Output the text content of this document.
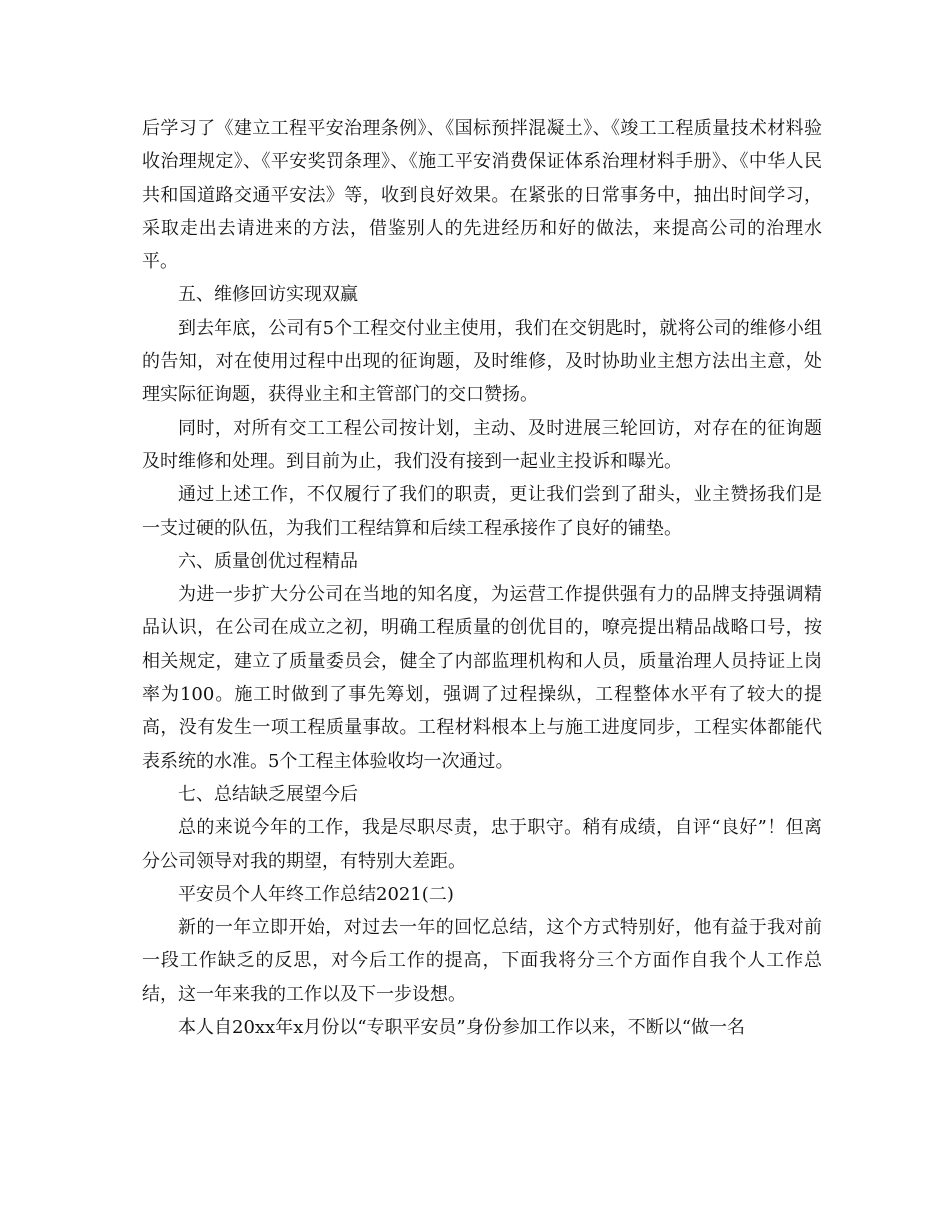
后学习了《建立工程平安治理条例》、《国标预拌混凝土》、《竣工工程质量技术材料验收治理规定》、《平安奖罚条理》、《施工平安消费保证体系治理材料手册》、《中华人民共和国道路交通平安法》等，收到良好效果。在紧张的日常事务中，抽出时间学习，采取走出去请进来的方法，借鉴别人的先进经历和好的做法，来提高公司的治理水平。

五、维修回访实现双赢

到去年底，公司有5个工程交付业主使用，我们在交钥匙时，就将公司的维修小组的告知，对在使用过程中出现的征询题，及时维修，及时协助业主想方法出主意，处理实际征询题，获得业主和主管部门的交口赞扬。

同时，对所有交工工程公司按计划，主动、及时进展三轮回访，对存在的征询题及时维修和处理。到目前为止，我们没有接到一起业主投诉和曝光。

通过上述工作，不仅履行了我们的职责，更让我们尝到了甜头，业主赞扬我们是一支过硬的队伍，为我们工程结算和后续工程承接作了良好的铺垫。

六、质量创优过程精品

为进一步扩大分公司在当地的知名度，为运营工作提供强有力的品牌支持强调精品认识，在公司在成立之初，明确工程质量的创优目的，嘹亮提出精品战略口号，按相关规定，建立了质量委员会，健全了内部监理机构和人员，质量治理人员持证上岗率为100。施工时做到了事先筹划，强调了过程操纵，工程整体水平有了较大的提高，没有发生一项工程质量事故。工程材料根本上与施工进度同步，工程实体都能代表系统的水准。5个工程主体验收均一次通过。

七、总结缺乏展望今后

总的来说今年的工作，我是尽职尽责，忠于职守。稍有成绩，自评“良好”！但离分公司领导对我的期望，有特别大差距。

平安员个人年终工作总结2021(二)

新的一年立即开始，对过去一年的回忆总结，这个方式特别好，他有益于我对前一段工作缺乏的反思，对今后工作的提高，下面我将分三个方面作自我个人工作总结，这一年来我的工作以及下一步设想。

本人自20xx年x月份以“专职平安员”身份参加工作以来，不断以“做一名
